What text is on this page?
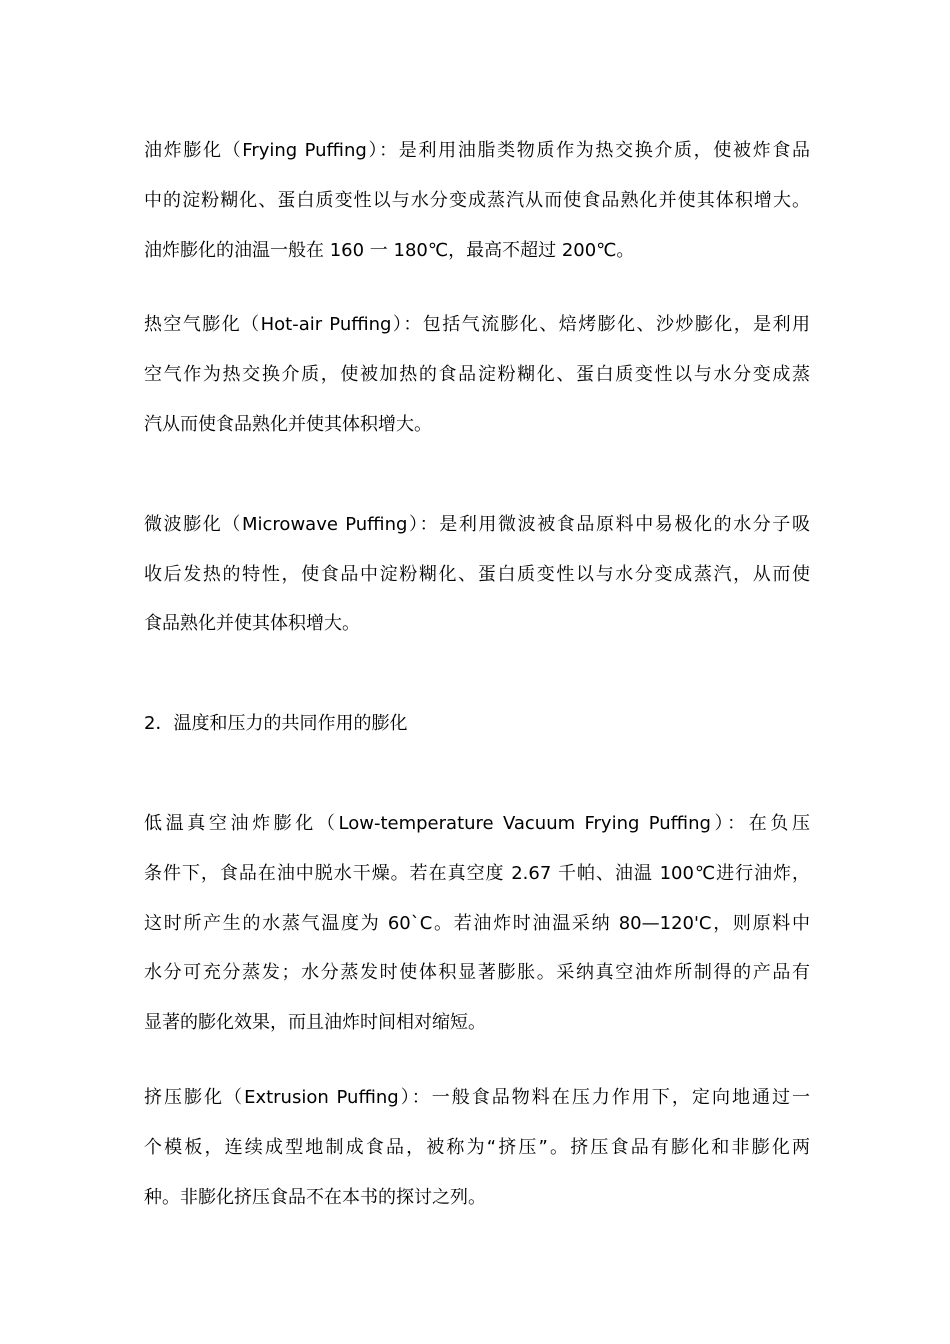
油炸膨化（Frying Puffing）：是利用油脂类物质作为热交换介质，使被炸食品
中的淀粉糊化、蛋白质变性以与水分变成蒸汽从而使食品熟化并使其体积增大。
油炸膨化的油温一般在 160 一 180℃，最高不超过 200℃。

热空气膨化（Hot-air Puffing）：包括气流膨化、焙烤膨化、沙炒膨化，是利用
空气作为热交换介质，使被加热的食品淀粉糊化、蛋白质变性以与水分变成蒸
汽从而使食品熟化并使其体积增大。

微波膨化（Microwave Puffing）：是利用微波被食品原料中易极化的水分子吸
收后发热的特性，使食品中淀粉糊化、蛋白质变性以与水分变成蒸汽，从而使
食品熟化并使其体积增大。

2．温度和压力的共同作用的膨化

低温真空油炸膨化（Low-temperature Vacuum Frying Puffing）：在负压
条件下，食品在油中脱水干燥。若在真空度 2.67 千帕、油温 100℃进行油炸，
这时所产生的水蒸气温度为 60`C。若油炸时油温采纳 80—120'C，则原料中
水分可充分蒸发；水分蒸发时使体积显著膨胀。采纳真空油炸所制得的产品有
显著的膨化效果，而且油炸时间相对缩短。

挤压膨化（Extrusion Puffing）：一般食品物料在压力作用下，定向地通过一
个模板，连续成型地制成食品，被称为“挤压”。挤压食品有膨化和非膨化两
种。非膨化挤压食品不在本书的探讨之列。
